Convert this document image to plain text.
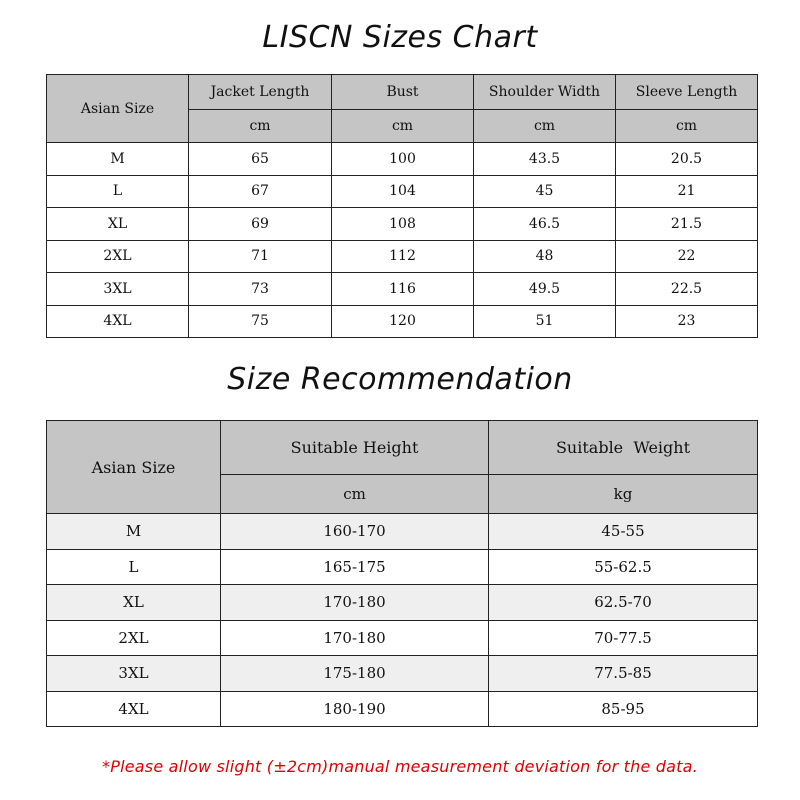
LISCN Sizes Chart
Asian Size	Jacket Length	Bust	Shoulder Width	Sleeve Length
	cm	cm	cm	cm
M	65	100	43.5	20.5
L	67	104	45	21
XL	69	108	46.5	21.5
2XL	71	112	48	22
3XL	73	116	49.5	22.5
4XL	75	120	51	23
Size Recommendation
Asian Size	Suitable Height	Suitable  Weight
	cm	kg
M	160-170	45-55
L	165-175	55-62.5
XL	170-180	62.5-70
2XL	170-180	70-77.5
3XL	175-180	77.5-85
4XL	180-190	85-95
*Please allow slight (±2cm)manual measurement deviation for the data.
